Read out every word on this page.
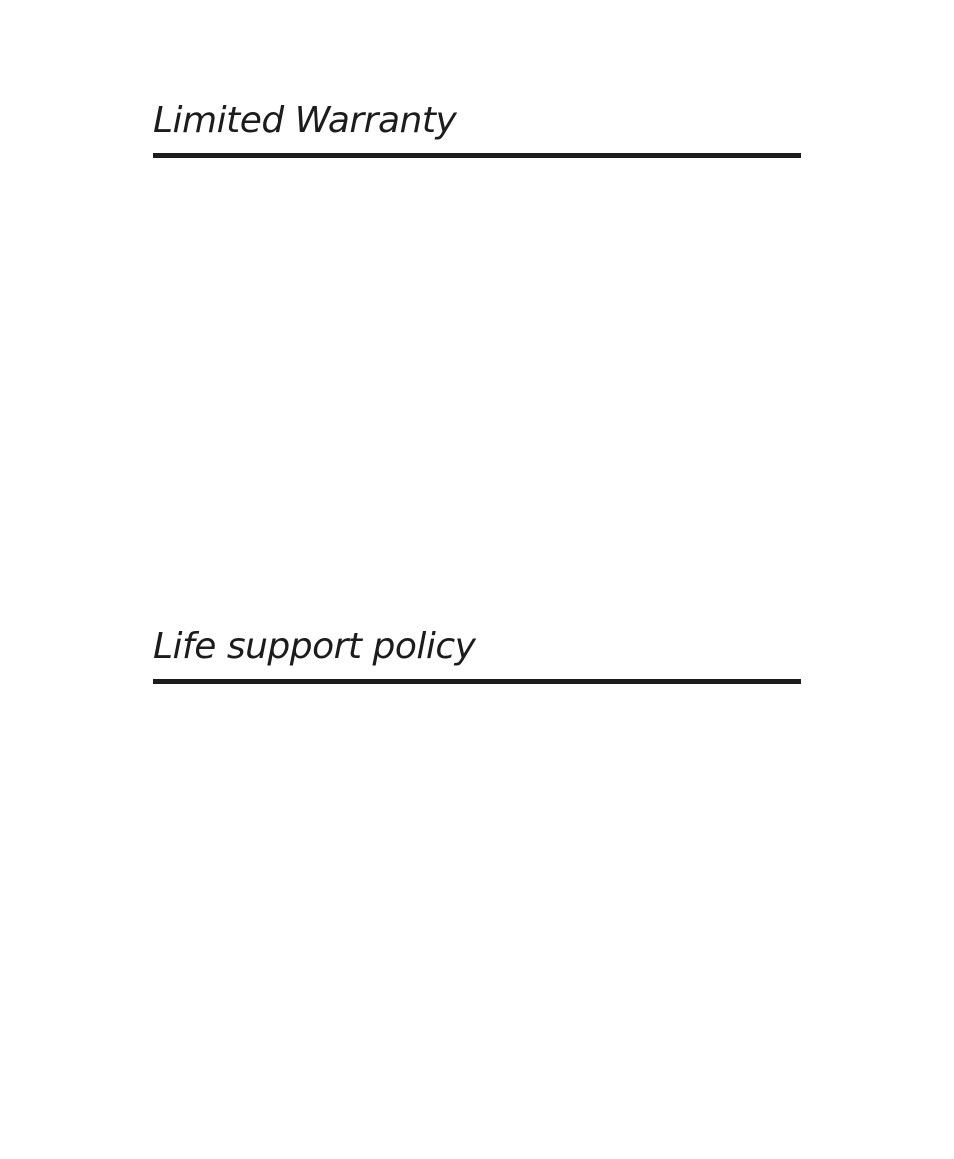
Limited Warranty
Life support policy
